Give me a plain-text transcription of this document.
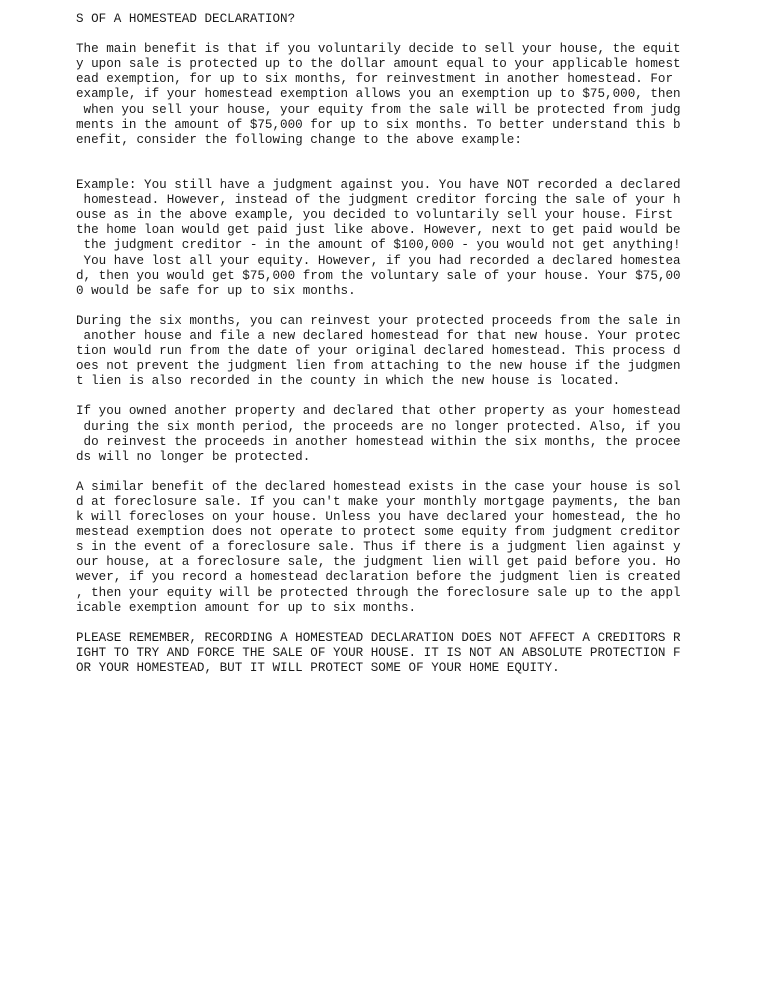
S OF A HOMESTEAD DECLARATION?
The main benefit is that if you voluntarily decide to sell your house, the equit
y upon sale is protected up to the dollar amount equal to your applicable homest
ead exemption, for up to six months, for reinvestment in another homestead. For
example, if your homestead exemption allows you an exemption up to $75,000, then
when you sell your house, your equity from the sale will be protected from judg
ments in the amount of $75,000 for up to six months. To better understand this b
enefit, consider the following change to the above example:
Example: You still have a judgment against you. You have NOT recorded a declared
homestead. However, instead of the judgment creditor forcing the sale of your h
ouse as in the above example, you decided to voluntarily sell your house. First
the home loan would get paid just like above. However, next to get paid would be
the judgment creditor - in the amount of $100,000 - you would not get anything!
You have lost all your equity. However, if you had recorded a declared homestea
d, then you would get $75,000 from the voluntary sale of your house. Your $75,00
0 would be safe for up to six months.
During the six months, you can reinvest your protected proceeds from the sale in
another house and file a new declared homestead for that new house. Your protec
tion would run from the date of your original declared homestead. This process d
oes not prevent the judgment lien from attaching to the new house if the judgmen
t lien is also recorded in the county in which the new house is located.
If you owned another property and declared that other property as your homestead
during the six month period, the proceeds are no longer protected. Also, if you
do reinvest the proceeds in another homestead within the six months, the procee
ds will no longer be protected.
A similar benefit of the declared homestead exists in the case your house is sol
d at foreclosure sale. If you can't make your monthly mortgage payments, the ban
k will forecloses on your house. Unless you have declared your homestead, the ho
mestead exemption does not operate to protect some equity from judgment creditor
s in the event of a foreclosure sale. Thus if there is a judgment lien against y
our house, at a foreclosure sale, the judgment lien will get paid before you. Ho
wever, if you record a homestead declaration before the judgment lien is created
, then your equity will be protected through the foreclosure sale up to the appl
icable exemption amount for up to six months.
PLEASE REMEMBER, RECORDING A HOMESTEAD DECLARATION DOES NOT AFFECT A CREDITORS R
IGHT TO TRY AND FORCE THE SALE OF YOUR HOUSE. IT IS NOT AN ABSOLUTE PROTECTION F
OR YOUR HOMESTEAD, BUT IT WILL PROTECT SOME OF YOUR HOME EQUITY.
